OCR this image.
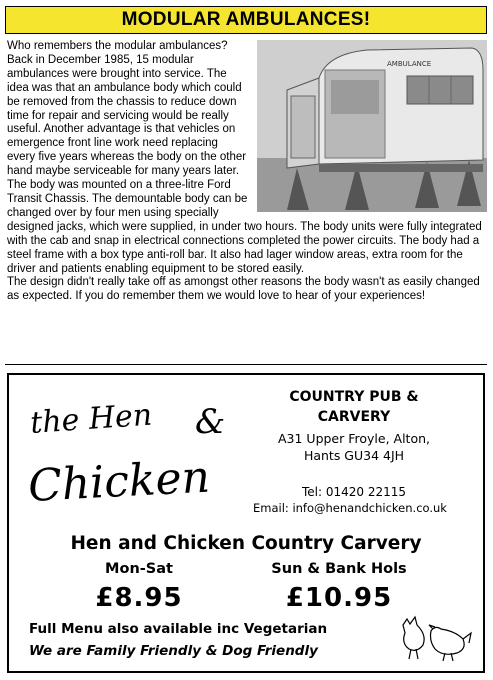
MODULAR AMBULANCES!
AMBULANCE

Who remembers the modular ambulances? Back in December 1985, 15 modular ambulances were brought into service. The idea was that an ambulance body which could be removed from the chassis to reduce down time for repair and servicing would be really useful. Another advantage is that vehicles on emergence front line work need replacing every five years whereas the body on the other hand maybe serviceable for many years later.

The body was mounted on a three-litre Ford Transit Chassis. The demountable body can be changed over by four men using specially designed jacks, which were supplied, in under two hours. The body units were fully integrated with the cab and snap in electrical connections completed the power circuits. The body had a steel frame with a box type anti-roll bar. It also had lager window areas, extra room for the driver and patients enabling equipment to be stored easily.

The design didn't really take off as amongst other reasons the body wasn't as easily changed as expected. If you do remember them we would love to hear of your experiences!

the Hen &
Chicken
COUNTRY PUB &
CARVERY
A31 Upper Froyle, Alton,
Hants GU34 4JH
Tel: 01420 22115
Email: info@henandchicken.co.uk
Hen and Chicken Country Carvery
Mon-Sat	Sun & Bank Hols
£8.95	£10.95
Full Menu also available inc Vegetarian
We are Family Friendly & Dog Friendly
